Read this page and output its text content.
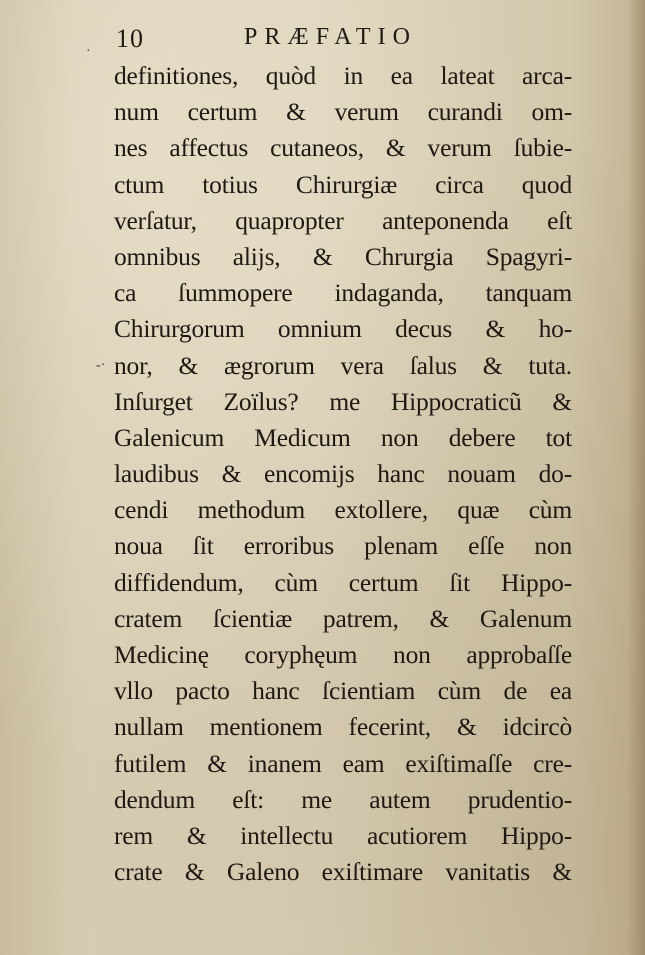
10	PRÆFATIO
·
-·
definitiones, quòd in ea lateat arca-
num certum & verum curandi om-
nes affectus cutaneos, & verum ſubie-
ctum totius Chirurgiæ circa quod
verſatur, quapropter anteponenda eſt
omnibus alijs, & Chrurgia Spagyri-
ca ſummopere indaganda, tanquam
Chirurgorum omnium decus & ho-
nor, & ægrorum vera ſalus & tuta.
Inſurget Zoïlus? me Hippocraticũ &
Galenicum Medicum non debere tot
laudibus & encomijs hanc nouam do-
cendi methodum extollere, quæ cùm
noua ſit erroribus plenam eſſe non
diffidendum, cùm certum ſit Hippo-
cratem ſcientiæ patrem, & Galenum
Medicinę coryphęum non approbaſſe
vllo pacto hanc ſcientiam cùm de ea
nullam mentionem fecerint, & idcircò
futilem & inanem eam exiſtimaſſe cre-
dendum eſt: me autem prudentio-
rem & intellectu acutiorem Hippo-
crate & Galeno exiſtimare vanitatis &
